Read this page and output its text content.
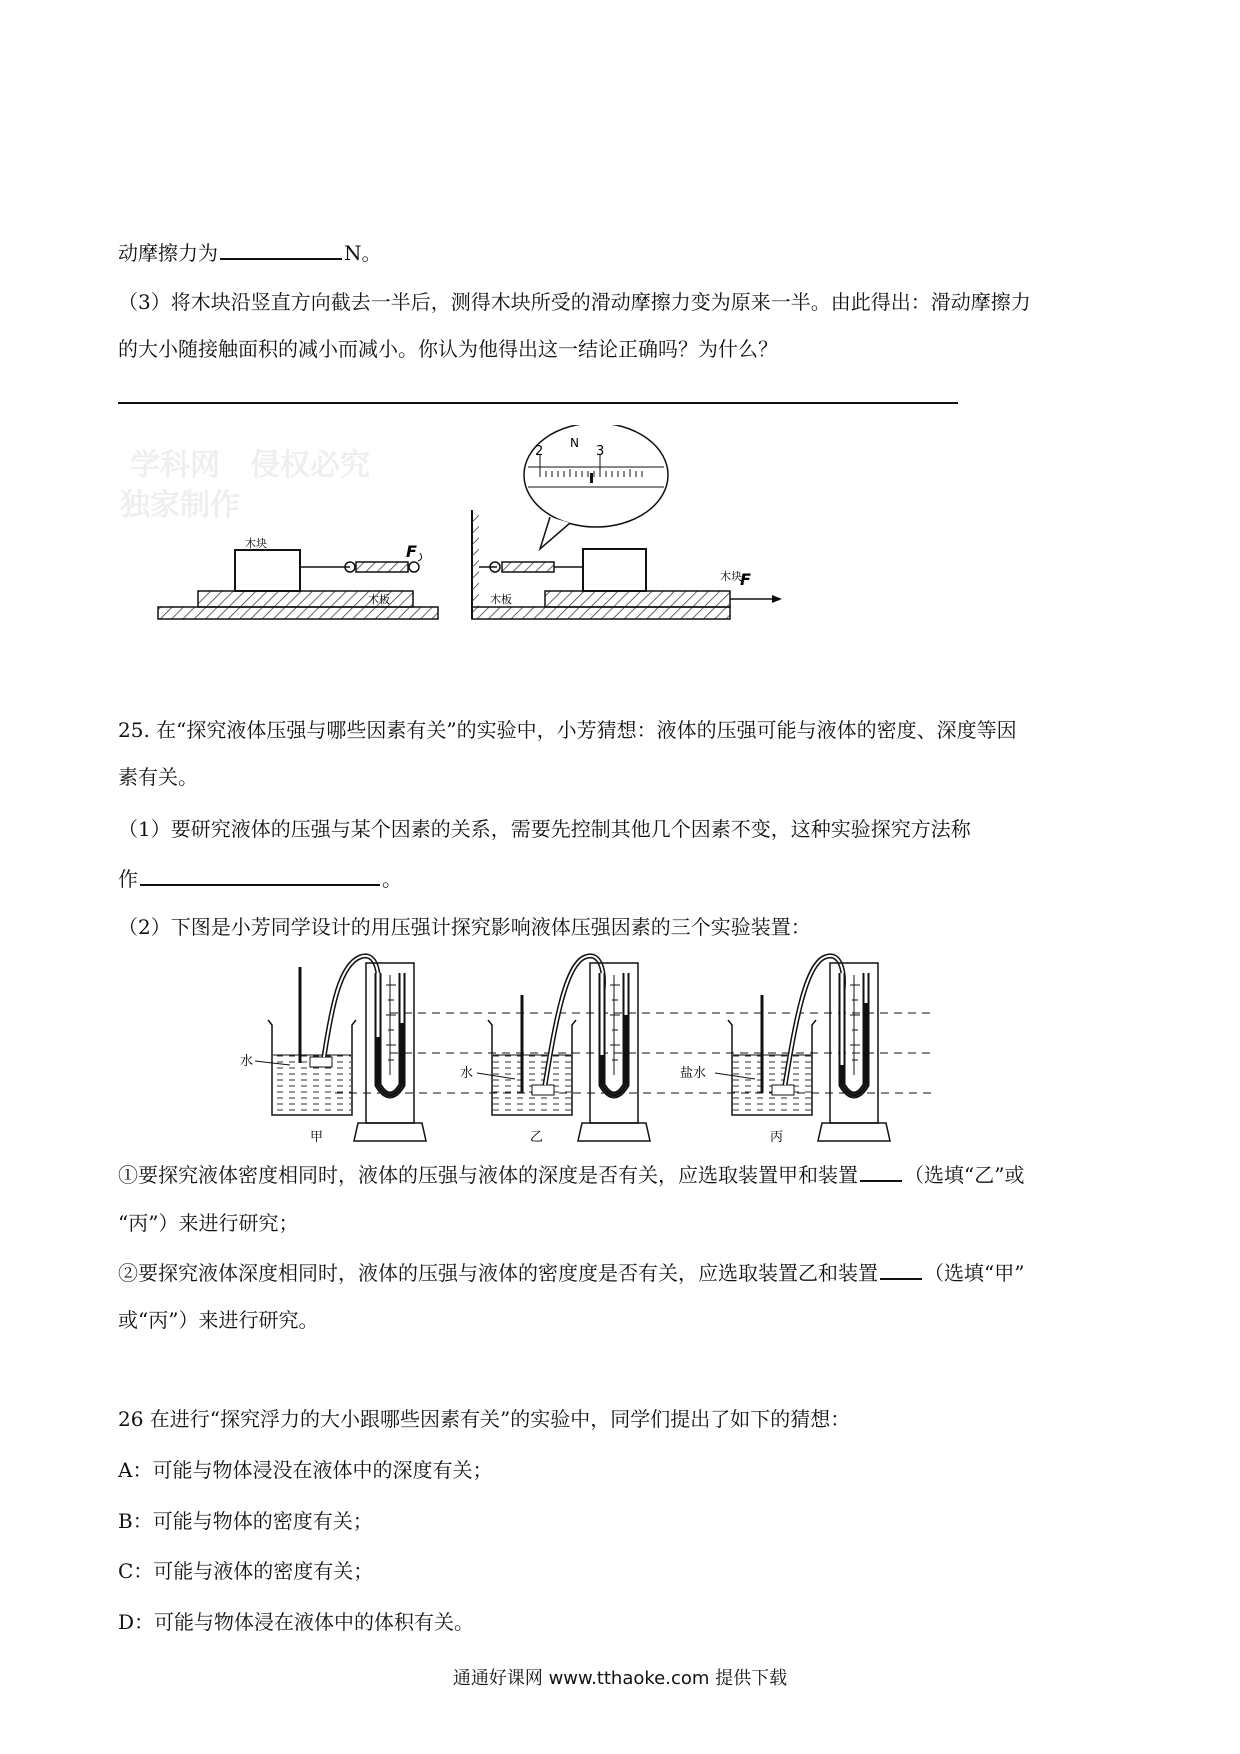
动摩擦力为	N。
（3）将木块沿竖直方向截去一半后，测得木块所受的滑动摩擦力变为原来一半。由此得出：滑动摩擦力
的大小随接触面积的减小而减小。你认为他得出这一结论正确吗？为什么？
学科网 侵权必究
独家制作
木块
木板
F
木块
木板
F
2	3
N
25. 在“探究液体压强与哪些因素有关”的实验中，小芳猜想：液体的压强可能与液体的密度、深度等因
素有关。
（1）要研究液体的压强与某个因素的关系，需要先控制其他几个因素不变，这种实验探究方法称
作	。
（2）下图是小芳同学设计的用压强计探究影响液体压强因素的三个实验装置：
水
甲
水
乙
盐水
丙
①要探究液体密度相同时，液体的压强与液体的深度是否有关，应选取装置甲和装置 （选填“乙”或
“丙”）来进行研究；
②要探究液体深度相同时，液体的压强与液体的密度度是否有关，应选取装置乙和装置 （选填“甲”
或“丙”）来进行研究。
26 在进行“探究浮力的大小跟哪些因素有关”的实验中，同学们提出了如下的猜想：
A：可能与物体浸没在液体中的深度有关；
B：可能与物体的密度有关；
C：可能与液体的密度有关；
D：可能与物体浸在液体中的体积有关。
通通好课网 www.tthaoke.com 提供下载
